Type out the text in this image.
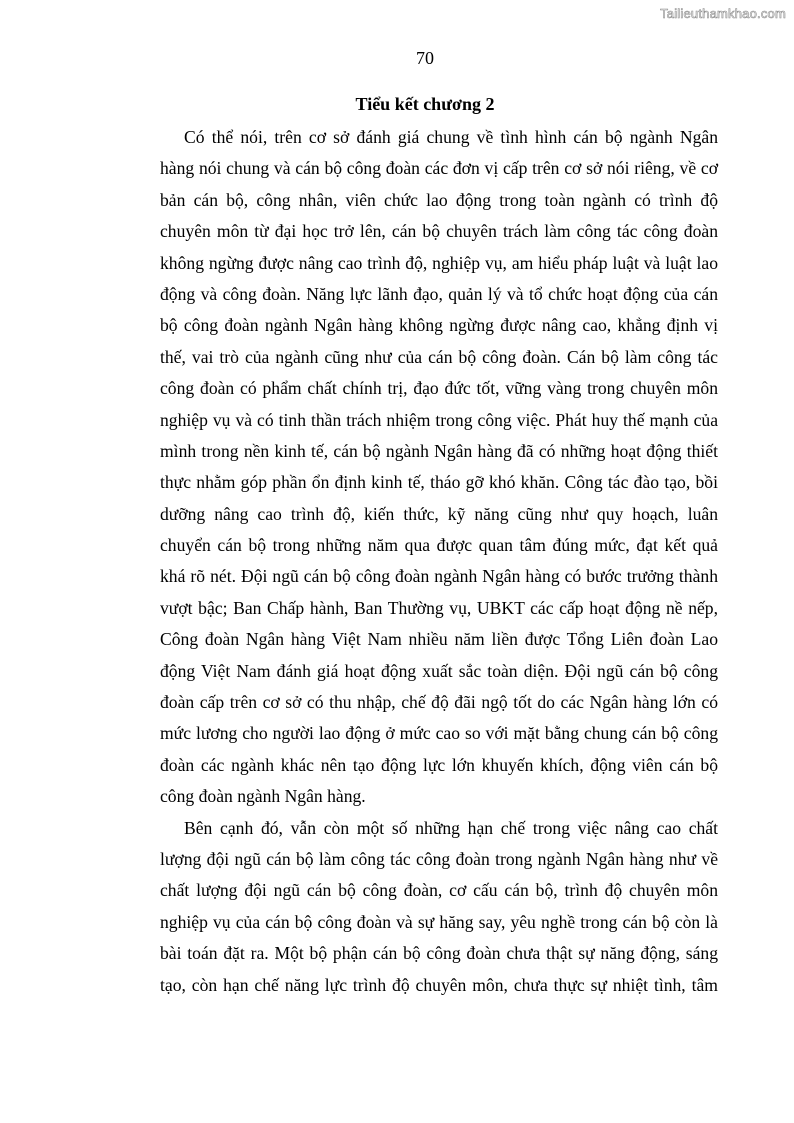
Tailieuthamkhao.com
70
Tiểu kết chương 2
Có thể nói, trên cơ sở đánh giá chung về tình hình cán bộ ngành Ngân
hàng nói chung và cán bộ công đoàn các đơn vị cấp trên cơ sở nói riêng, về cơ
bản cán bộ, công nhân, viên chức lao động trong toàn ngành có trình độ
chuyên môn từ đại học trở lên, cán bộ chuyên trách làm công tác công đoàn
không ngừng được nâng cao trình độ, nghiệp vụ, am hiểu pháp luật và luật lao
động và công đoàn. Năng lực lãnh đạo, quản lý và tổ chức hoạt động của cán
bộ công đoàn ngành Ngân hàng không ngừng được nâng cao, khẳng định vị
thế, vai trò của ngành cũng như của cán bộ công đoàn. Cán bộ làm công tác
công đoàn có phẩm chất chính trị, đạo đức tốt, vững vàng trong chuyên môn
nghiệp vụ và có tinh thần trách nhiệm trong công việc. Phát huy thế mạnh của
mình trong nền kinh tế, cán bộ ngành Ngân hàng đã có những hoạt động thiết
thực nhằm góp phần ổn định kinh tế, tháo gỡ khó khăn. Công tác đào tạo, bồi
dưỡng nâng cao trình độ, kiến thức, kỹ năng cũng như quy hoạch, luân
chuyển cán bộ trong những năm qua được quan tâm đúng mức, đạt kết quả
khá rõ nét. Đội ngũ cán bộ công đoàn ngành Ngân hàng có bước trưởng thành
vượt bậc; Ban Chấp hành, Ban Thường vụ, UBKT các cấp hoạt động nề nếp,
Công đoàn Ngân hàng Việt Nam nhiều năm liền được Tổng Liên đoàn Lao
động Việt Nam đánh giá hoạt động xuất sắc toàn diện. Đội ngũ cán bộ công
đoàn cấp trên cơ sở có thu nhập, chế độ đãi ngộ tốt do các Ngân hàng lớn có
mức lương cho người lao động ở mức cao so với mặt bằng chung cán bộ công
đoàn các ngành khác nên tạo động lực lớn khuyến khích, động viên cán bộ
công đoàn ngành Ngân hàng.
Bên cạnh đó, vẫn còn một số những hạn chế trong việc nâng cao chất
lượng đội ngũ cán bộ làm công tác công đoàn trong ngành Ngân hàng như về
chất lượng đội ngũ cán bộ công đoàn, cơ cấu cán bộ, trình độ chuyên môn
nghiệp vụ của cán bộ công đoàn và sự hăng say, yêu nghề trong cán bộ còn là
bài toán đặt ra. Một bộ phận cán bộ công đoàn chưa thật sự năng động, sáng
tạo, còn hạn chế năng lực trình độ chuyên môn, chưa thực sự nhiệt tình, tâm
